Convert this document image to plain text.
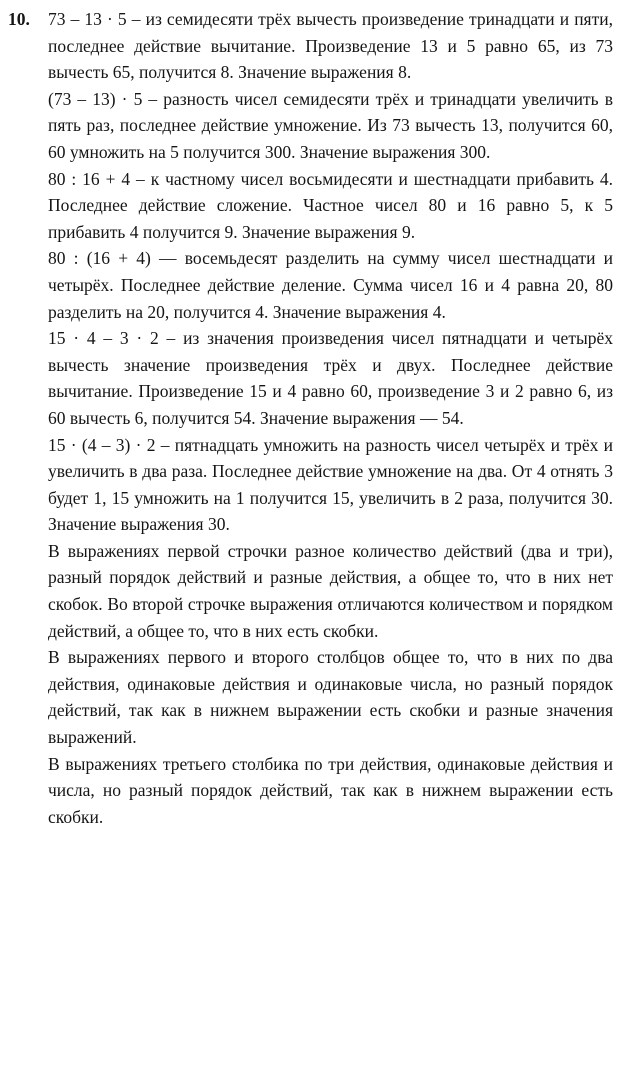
10. 73 – 13 · 5 – из семидесяти трёх вычесть произведение тринадцати и пяти, последнее действие вычитание. Произведение 13 и 5 равно 65, из 73 вычесть 65, получится 8. Значение выражения 8.

(73 – 13) · 5 – разность чисел семидесяти трёх и тринадцати увеличить в пять раз, последнее действие умножение. Из 73 вычесть 13, получится 60, 60 умножить на 5 получится 300. Значение выражения 300.

80 : 16 + 4 – к частному чисел восьмидесяти и шестнадцати прибавить 4. Последнее действие сложение. Частное чисел 80 и 16 равно 5, к 5 прибавить 4 получится 9. Значение выражения 9.

80 : (16 + 4) — восемьдесят разделить на сумму чисел шестнадцати и четырёх. Последнее действие деление. Сумма чисел 16 и 4 равна 20, 80 разделить на 20, получится 4. Значение выражения 4.

15 · 4 – 3 · 2 – из значения произведения чисел пятнадцати и четырёх вычесть значение произведения трёх и двух. Последнее действие вычитание. Произведение 15 и 4 равно 60, произведение 3 и 2 равно 6, из 60 вычесть 6, получится 54. Значение выражения — 54.

15 · (4 – 3) · 2 – пятнадцать умножить на разность чисел четырёх и трёх и увеличить в два раза. Последнее действие умножение на два. От 4 отнять 3 будет 1, 15 умножить на 1 получится 15, увеличить в 2 раза, получится 30. Значение выражения 30.

В выражениях первой строчки разное количество действий (два и три), разный порядок действий и разные действия, а общее то, что в них нет скобок. Во второй строчке выражения отличаются количеством и порядком действий, а общее то, что в них есть скобки.

В выражениях первого и второго столбцов общее то, что в них по два действия, одинаковые действия и одинаковые числа, но разный порядок действий, так как в нижнем выражении есть скобки и разные значения выражений.

В выражениях третьего столбика по три действия, одинаковые действия и числа, но разный порядок действий, так как в нижнем выражении есть скобки.
